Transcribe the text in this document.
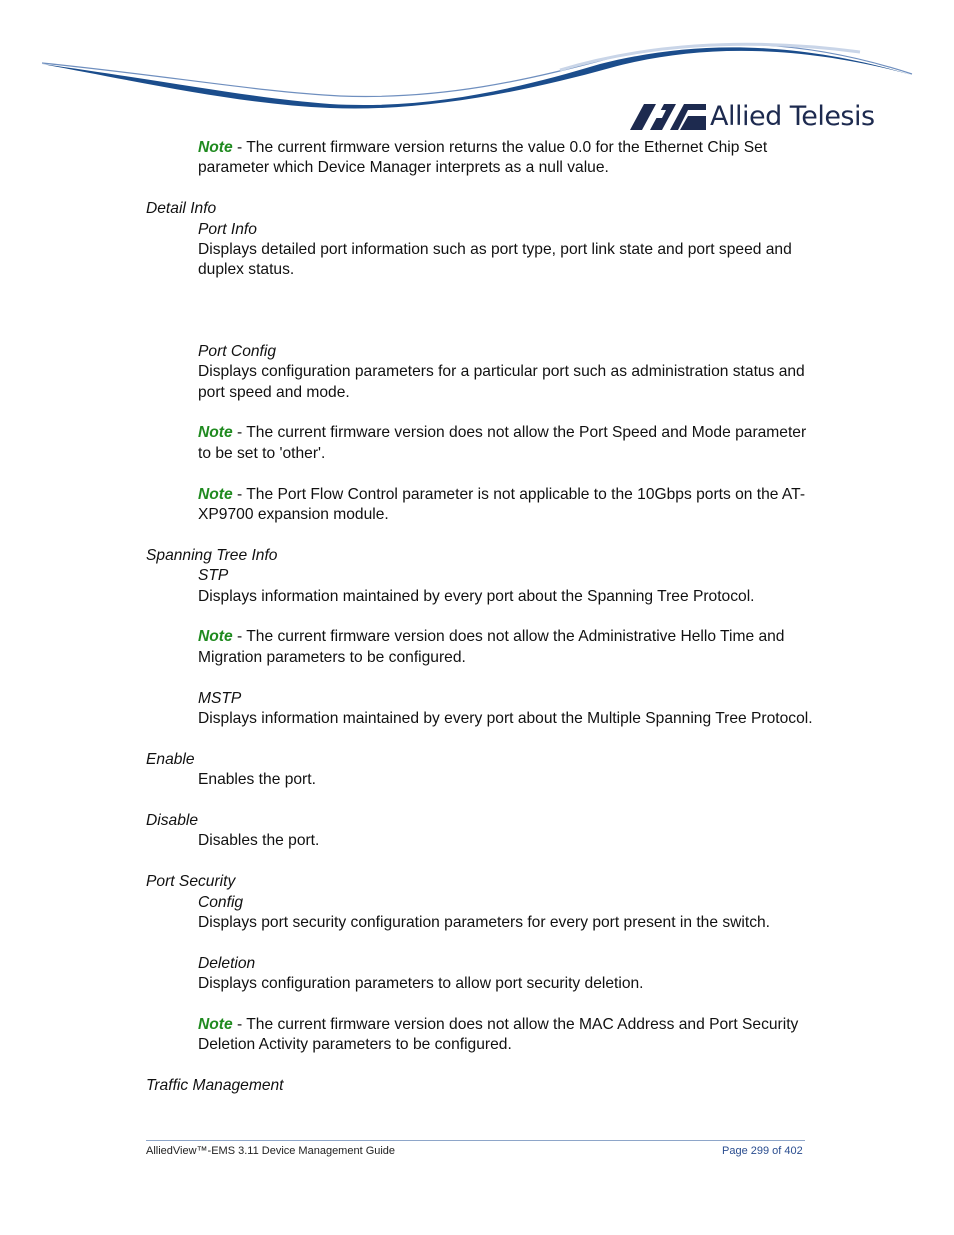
Allied Telesis
Note - The current firmware version returns the value 0.0 for the Ethernet Chip Set parameter which Device Manager interprets as a null value.
Detail Info
Port Info
Displays detailed port information such as port type, port link state and port speed and duplex status.
Port Config
Displays configuration parameters for a particular port such as administration status and port speed and mode.
Note - The current firmware version does not allow the Port Speed and Mode parameter to be set to 'other'.
Note - The Port Flow Control parameter is not applicable to the 10Gbps ports on the AT-XP9700 expansion module.
Spanning Tree Info
STP
Displays information maintained by every port about the Spanning Tree Protocol.
Note - The current firmware version does not allow the Administrative Hello Time and Migration parameters to be configured.
MSTP
Displays information maintained by every port about the Multiple Spanning Tree Protocol.
Enable
Enables the port.
Disable
Disables the port.
Port Security
Config
Displays port security configuration parameters for every port present in the switch.
Deletion
Displays configuration parameters to allow port security deletion.
Note - The current firmware version does not allow the MAC Address and Port Security Deletion Activity parameters to be configured.
Traffic Management
AlliedView™-EMS 3.11 Device Management Guide	Page 299 of 402
